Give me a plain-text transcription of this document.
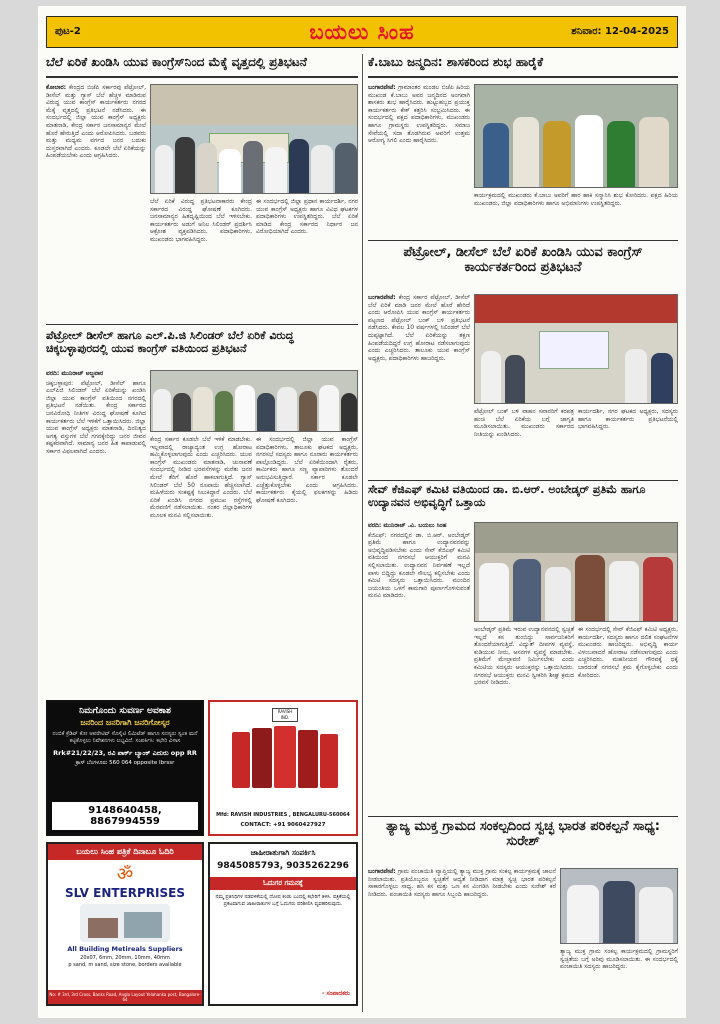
ಪುಟ-2	ಬಯಲು ಸಿಂಹ	ಶನಿವಾರ: 12-04-2025
ಬೆಲೆ ಏರಿಕೆ ಖಂಡಿಸಿ ಯುವ ಕಾಂಗ್ರೆಸ್‌ನಿಂದ ಮೆಕ್ಕೆ ವೃತ್ತದಲ್ಲಿ ಪ್ರತಿಭಟನೆ
ಕೋಲಾರ: ಕೇಂದ್ರದ ಬಿಜೆಪಿ ಸರ್ಕಾರವು ಪೆಟ್ರೋಲ್, ಡೀಸೆಲ್ ಮತ್ತು ಗ್ಯಾಸ್ ಬೆಲೆ ಹೆಚ್ಚಳ ಮಾಡಿರುವ ವಿರುದ್ಧ ಯುವ ಕಾಂಗ್ರೆಸ್ ಕಾರ್ಯಕರ್ತರು ನಗರದ ಮೆಕ್ಕೆ ವೃತ್ತದಲ್ಲಿ ಪ್ರತಿಭಟನೆ ನಡೆಸಿದರು. ಈ ಸಂದರ್ಭದಲ್ಲಿ ಜಿಲ್ಲಾ ಯುವ ಕಾಂಗ್ರೆಸ್ ಅಧ್ಯಕ್ಷರು ಮಾತನಾಡಿ, ಕೇಂದ್ರ ಸರ್ಕಾರ ಜನಸಾಮಾನ್ಯರ ಮೇಲೆ ಹೊರೆ ಹೇರುತ್ತಿದೆ ಎಂದು ಆರೋಪಿಸಿದರು. ಬಡವರು ಮತ್ತು ಮಧ್ಯಮ ವರ್ಗದ ಜನರ ಬದುಕು ದುಸ್ತರವಾಗಿದೆ ಎಂದರು. ಕೂಡಲೇ ಬೆಲೆ ಏರಿಕೆಯನ್ನು ಹಿಂಪಡೆಯಬೇಕು ಎಂದು ಆಗ್ರಹಿಸಿದರು.
ಬೆಲೆ ಏರಿಕೆ ವಿರುದ್ಧ ಪ್ರತಿಭಟನಾಕಾರರು ಕೇಂದ್ರ ಸರ್ಕಾರದ ವಿರುದ್ಧ ಘೋಷಣೆ ಕೂಗಿದರು. ಜನಸಾಮಾನ್ಯರ ಹಿತದೃಷ್ಟಿಯಿಂದ ಬೆಲೆ ಇಳಿಸಬೇಕು. ಕಾರ್ಯಕರ್ತರು ಅಡುಗೆ ಅನಿಲ ಸಿಲಿಂಡರ್ ಪ್ರದರ್ಶಿಸಿ ಆಕ್ರೋಶ ವ್ಯಕ್ತಪಡಿಸಿದರು. ಪದಾಧಿಕಾರಿಗಳು, ಮುಖಂಡರು ಭಾಗವಹಿಸಿದ್ದರು.
ಈ ಸಂದರ್ಭದಲ್ಲಿ ಜಿಲ್ಲಾ ಪ್ರಧಾನ ಕಾರ್ಯದರ್ಶಿ, ನಗರ ಯುವ ಕಾಂಗ್ರೆಸ್ ಅಧ್ಯಕ್ಷರು ಹಾಗೂ ವಿವಿಧ ಘಟಕಗಳ ಪದಾಧಿಕಾರಿಗಳು ಉಪಸ್ಥಿತರಿದ್ದರು. ಬೆಲೆ ಏರಿಕೆ ಮಾಡಿದ ಕೇಂದ್ರ ಸರ್ಕಾರದ ನಿರ್ಧಾರ ಜನ ವಿರೋಧಿಯಾಗಿದೆ ಎಂದರು.
ಪೆಟ್ರೋಲ್ ಡೀಸೆಲ್ ಹಾಗೂ ಎಲ್.ಪಿ.ಜಿ ಸಿಲಿಂಡರ್ ಬೆಲೆ ಏರಿಕೆ ವಿರುದ್ಧ ಚಿಕ್ಕಬಳ್ಳಾಪುರದಲ್ಲಿ ಯುವ ಕಾಂಗ್ರೆಸ್ ವತಿಯಿಂದ ಪ್ರತಿಭಟನೆ

ವರದಿ: ಮುನಿರಾಜ್ ಅಜ್ಜವಾರ

ಚಿಕ್ಕಬಳ್ಳಾಪುರ: ಪೆಟ್ರೋಲ್, ಡೀಸೆಲ್ ಹಾಗೂ ಎಲ್‌ಪಿಜಿ ಸಿಲಿಂಡರ್ ಬೆಲೆ ಏರಿಕೆಯನ್ನು ಖಂಡಿಸಿ ಜಿಲ್ಲಾ ಯುವ ಕಾಂಗ್ರೆಸ್ ವತಿಯಿಂದ ನಗರದಲ್ಲಿ ಪ್ರತಿಭಟನೆ ನಡೆಯಿತು. ಕೇಂದ್ರ ಸರ್ಕಾರದ ಜನವಿರೋಧಿ ನೀತಿಗಳ ವಿರುದ್ಧ ಘೋಷಣೆ ಕೂಗಿದ ಕಾರ್ಯಕರ್ತರು ಬೆಲೆ ಇಳಿಕೆಗೆ ಒತ್ತಾಯಿಸಿದರು. ಜಿಲ್ಲಾ ಯುವ ಕಾಂಗ್ರೆಸ್ ಅಧ್ಯಕ್ಷರು ಮಾತನಾಡಿ, ದಿನನಿತ್ಯದ ಅಗತ್ಯ ವಸ್ತುಗಳ ಬೆಲೆ ಗಗನಕ್ಕೇರಿದ್ದು ಜನರ ಜೀವನ ಕಷ್ಟಕರವಾಗಿದೆ. ಸಾಮಾನ್ಯ ಜನರ ಹಿತ ಕಾಪಾಡುವಲ್ಲಿ ಸರ್ಕಾರ ವಿಫಲವಾಗಿದೆ ಎಂದರು.
ಕೇಂದ್ರ ಸರ್ಕಾರ ಕೂಡಲೇ ಬೆಲೆ ಇಳಿಕೆ ಮಾಡಬೇಕು. ಇಲ್ಲವಾದಲ್ಲಿ ರಾಜ್ಯಾದ್ಯಂತ ಉಗ್ರ ಹೋರಾಟ ಹಮ್ಮಿಕೊಳ್ಳಲಾಗುವುದು ಎಂದು ಎಚ್ಚರಿಸಿದರು. ಯುವ ಕಾಂಗ್ರೆಸ್ ಮುಖಂಡರು ಮಾತನಾಡಿ, ಚುನಾವಣೆ ಸಂದರ್ಭದಲ್ಲಿ ನೀಡಿದ ಭರವಸೆಗಳನ್ನು ಮರೆತು ಜನರ ಮೇಲೆ ತೆರಿಗೆ ಹೊರೆ ಹಾಕಲಾಗುತ್ತಿದೆ. ಗ್ಯಾಸ್ ಸಿಲಿಂಡರ್ ಬೆಲೆ 50 ರೂಪಾಯಿ ಹೆಚ್ಚಿಸಲಾಗಿದೆ. ಮಹಿಳೆಯರು ಸಂಕಷ್ಟಕ್ಕೆ ಸಿಲುಕಿದ್ದಾರೆ ಎಂದರು. ಬೆಲೆ ಏರಿಕೆ ಖಂಡಿಸಿ ನಗರದ ಪ್ರಮುಖ ರಸ್ತೆಗಳಲ್ಲಿ ಮೆರವಣಿಗೆ ನಡೆಸಲಾಯಿತು. ನಂತರ ಜಿಲ್ಲಾಧಿಕಾರಿಗಳ ಮೂಲಕ ಮನವಿ ಸಲ್ಲಿಸಲಾಯಿತು.
ಈ ಸಂದರ್ಭದಲ್ಲಿ ಜಿಲ್ಲಾ ಯುವ ಕಾಂಗ್ರೆಸ್ ಪದಾಧಿಕಾರಿಗಳು, ತಾಲೂಕು ಘಟಕದ ಅಧ್ಯಕ್ಷರು, ನಗರಸಭೆ ಸದಸ್ಯರು ಹಾಗೂ ನೂರಾರು ಕಾರ್ಯಕರ್ತರು ಪಾಲ್ಗೊಂಡಿದ್ದರು. ಬೆಲೆ ಏರಿಕೆಯಿಂದಾಗಿ ರೈತರು, ಕಾರ್ಮಿಕರು ಹಾಗೂ ಸಣ್ಣ ವ್ಯಾಪಾರಿಗಳು ತೊಂದರೆ ಅನುಭವಿಸುತ್ತಿದ್ದಾರೆ. ಸರ್ಕಾರ ಕೂಡಲೇ ಎಚ್ಚೆತ್ತುಕೊಳ್ಳಬೇಕು ಎಂದು ಆಗ್ರಹಿಸಿದರು. ಕಾರ್ಯಕರ್ತರು ಕೈಯಲ್ಲಿ ಫಲಕಗಳನ್ನು ಹಿಡಿದು ಘೋಷಣೆ ಕೂಗಿದರು.
ನಿಮಗೊಂದು ಸುವರ್ಣ ಅವಕಾಶ
ಜನರಿಂದ ಜನರಿಗಾಗಿ ಜನರಿಗೋಸ್ಕರ
ನಂಬಿಕೆ ಕ್ರೆಡಿಟ್ ಕೋ ಆಪರೇಟಿವ್ ಸೊಸೈಟಿ ಲಿಮಿಟೆಡ್ ಹಾಗೂ ಸದಸ್ಯರು ಸ್ವಂತ ಮನೆ ಕಟ್ಟಿಕೊಳ್ಳಲು ನಿವೇಶನಗಳು ಲಭ್ಯವಿದೆ. ಸಂಪರ್ಕಿಸಿ: ಕಛೇರಿ ವಿಳಾಸ
Rrk#21/22/23, ರವಿ ಪಾರ್ಕ್ ಬ್ಯಾಂಕ್ ಎದುರು opp RR
ಕ್ರಾಸ್ ಬೆಂಗಳೂರು 560 064 opposite Ibrssr
9148640458, 8867994559
RAVISH
IND.
Mfd: RAVISH INDUSTRIES , BENGALURU-560064
CONTACT: +91 9060427927
ಬಯಲು ಸಿಂಹ ಪತ್ರಿಕೆ ದಿನಾಬೂ ಓದಿರಿ
ॐ
SLV ENTERPRISES
All Building Metireals Suppliers
20x07, 6mm, 20mm, 10mm, 40mm
p sand, m sand, size stone, borders available
No: # 3rd, 3rd Cross, Banks Road, Anglo Layout Yelahanka post, Bangalore-64
ಜಾಹೀರಾತುಗಾಗಿ ಸಂಪರ್ಕಿಸಿ
9845085793, 9035262296
ಓದುಗರ ಗಮನಕ್ಕೆ
ನಮ್ಮ ಪ್ರತಿನಿಧಿಗಳ ನಡವಳಿಕೆಯಲ್ಲಿ ದೋಷ ಕಂಡು ಬಂದಲ್ಲಿ ಕಛೇರಿಗೆ ತಿಳಿಸಿ. ಪತ್ರಿಕೆಯಲ್ಲಿ ಪ್ರಕಟವಾಗುವ ಜಾಹೀರಾತುಗಳ ಬಗ್ಗೆ ಓದುಗರು ಪರಿಶೀಲಿಸಿ ವ್ಯವಹರಿಸುವುದು.
- ಸಂಪಾದಕರು
ಕೆ.ಬಾಬು ಜನ್ಮದಿನ: ಶಾಸಕರಿಂದ ಶುಭ ಹಾರೈಕೆ
ಬಂಗಾರಪೇಟೆ: ಗ್ರಾಮಾಂತರ ಮಂಡಲ ಬಿಜೆಪಿ ಹಿರಿಯ ಮುಖಂಡ ಕೆ.ಬಾಬು ಅವರ ಜನ್ಮದಿನದ ಅಂಗವಾಗಿ ಶಾಸಕರು ಶುಭ ಹಾರೈಸಿದರು. ಹುಟ್ಟುಹಬ್ಬದ ಪ್ರಯುಕ್ತ ಕಾರ್ಯಕರ್ತರು ಕೇಕ್ ಕತ್ತರಿಸಿ ಸಂಭ್ರಮಿಸಿದರು. ಈ ಸಂದರ್ಭದಲ್ಲಿ ಪಕ್ಷದ ಪದಾಧಿಕಾರಿಗಳು, ಮುಖಂಡರು ಹಾಗೂ ಗ್ರಾಮಸ್ಥರು ಉಪಸ್ಥಿತರಿದ್ದರು. ಸಮಾಜ ಸೇವೆಯಲ್ಲಿ ಸದಾ ತೊಡಗಿರುವ ಅವರಿಗೆ ಉತ್ತಮ ಆರೋಗ್ಯ ಸಿಗಲಿ ಎಂದು ಹಾರೈಸಿದರು.
ಕಾರ್ಯಕ್ರಮದಲ್ಲಿ ಮುಖಂಡರು ಕೆ.ಬಾಬು ಅವರಿಗೆ ಹಾರ ಹಾಕಿ ಸನ್ಮಾನಿಸಿ ಶುಭ ಕೋರಿದರು. ಪಕ್ಷದ ಹಿರಿಯ ಮುಖಂಡರು, ಜಿಲ್ಲಾ ಪದಾಧಿಕಾರಿಗಳು ಹಾಗೂ ಅಭಿಮಾನಿಗಳು ಉಪಸ್ಥಿತರಿದ್ದರು.
ಪೆಟ್ರೋಲ್, ಡೀಸೆಲ್ ಬೆಲೆ ಏರಿಕೆ ಖಂಡಿಸಿ ಯುವ ಕಾಂಗ್ರೆಸ್ ಕಾರ್ಯಕರ್ತರಿಂದ ಪ್ರತಿಭಟನೆ
ಬಂಗಾರಪೇಟೆ: ಕೇಂದ್ರ ಸರ್ಕಾರ ಪೆಟ್ರೋಲ್, ಡೀಸೆಲ್ ಬೆಲೆ ಏರಿಕೆ ಮಾಡಿ ಜನರ ಮೇಲೆ ಹೊರೆ ಹೇರಿದೆ ಎಂದು ಆರೋಪಿಸಿ ಯುವ ಕಾಂಗ್ರೆಸ್ ಕಾರ್ಯಕರ್ತರು ಪಟ್ಟಣದ ಪೆಟ್ರೋಲ್ ಬಂಕ್ ಬಳಿ ಪ್ರತಿಭಟನೆ ನಡೆಸಿದರು. ಕೇವಲ 10 ವರ್ಷಗಳಲ್ಲಿ ಸಿಲಿಂಡರ್ ಬೆಲೆ ದುಪ್ಪಟ್ಟಾಗಿದೆ. ಬೆಲೆ ಏರಿಕೆಯನ್ನು ತಕ್ಷಣ ಹಿಂಪಡೆಯದಿದ್ದರೆ ಉಗ್ರ ಹೋರಾಟ ನಡೆಸಲಾಗುವುದು ಎಂದು ಎಚ್ಚರಿಸಿದರು. ತಾಲೂಕು ಯುವ ಕಾಂಗ್ರೆಸ್ ಅಧ್ಯಕ್ಷರು, ಪದಾಧಿಕಾರಿಗಳು ಹಾಜರಿದ್ದರು.
ಪೆಟ್ರೋಲ್ ಬಂಕ್ ಬಳಿ ವಾಹನ ಸವಾರರಿಗೆ ಕರಪತ್ರ ಹಂಚಿ ಬೆಲೆ ಏರಿಕೆಯ ಬಗ್ಗೆ ಜಾಗೃತಿ ಮೂಡಿಸಲಾಯಿತು. ಮುಖಂಡರು ಸರ್ಕಾರದ ನೀತಿಯನ್ನು ಖಂಡಿಸಿದರು.
ಕಾರ್ಯದರ್ಶಿ, ನಗರ ಘಟಕದ ಅಧ್ಯಕ್ಷರು, ಸದಸ್ಯರು ಹಾಗೂ ಕಾರ್ಯಕರ್ತರು ಪ್ರತಿಭಟನೆಯಲ್ಲಿ ಭಾಗವಹಿಸಿದ್ದರು.
ಸೇವ್ ಕೆಜಿಎಫ್ ಕಮಿಟಿ ವತಿಯಿಂದ ಡಾ. ಬಿ.ಆರ್. ಅಂಬೇಡ್ಕರ್ ಪ್ರತಿಮೆ ಹಾಗೂ ಉದ್ಯಾನವನ ಅಭಿವೃದ್ಧಿಗೆ ಒತ್ತಾಯ

ವರದಿ: ಮುನಿರಾಜ್ .ವಿ. ಬಯಲು ಸಿಂಹ

ಕೆಜಿಎಫ್: ನಗರದಲ್ಲಿನ ಡಾ. ಬಿ.ಆರ್. ಅಂಬೇಡ್ಕರ್ ಪ್ರತಿಮೆ ಹಾಗೂ ಉದ್ಯಾನವನವನ್ನು ಅಭಿವೃದ್ಧಿಪಡಿಸಬೇಕು ಎಂದು ಸೇವ್ ಕೆಜಿಎಫ್ ಕಮಿಟಿ ವತಿಯಿಂದ ನಗರಸಭೆ ಆಯುಕ್ತರಿಗೆ ಮನವಿ ಸಲ್ಲಿಸಲಾಯಿತು. ಉದ್ಯಾನವನ ನಿರ್ವಹಣೆ ಇಲ್ಲದೆ ಪಾಳು ಬಿದ್ದಿದ್ದು ಕೂಡಲೇ ಸೌಲಭ್ಯ ಕಲ್ಪಿಸಬೇಕು ಎಂದು ಕಮಿಟಿ ಸದಸ್ಯರು ಒತ್ತಾಯಿಸಿದರು. ಮುಂದಿನ ಜಯಂತಿಯ ಒಳಗೆ ಕಾಮಗಾರಿ ಪೂರ್ಣಗೊಳಿಸುವಂತೆ ಮನವಿ ಮಾಡಿದರು.
ಅಂಬೇಡ್ಕರ್ ಪ್ರತಿಮೆ ಇರುವ ಉದ್ಯಾನವನದಲ್ಲಿ ಸ್ವಚ್ಛತೆ ಇಲ್ಲದೆ ಕಸ ತುಂಬಿದ್ದು ಸಾರ್ವಜನಿಕರಿಗೆ ತೊಂದರೆಯಾಗುತ್ತಿದೆ. ವಿದ್ಯುತ್ ದೀಪಗಳ ವ್ಯವಸ್ಥೆ, ಕುಡಿಯುವ ನೀರು, ಆಸನಗಳ ವ್ಯವಸ್ಥೆ ಮಾಡಬೇಕು. ಪ್ರತಿಮೆಗೆ ಮೇಲ್ಛಾವಣಿ ನಿರ್ಮಿಸಬೇಕು ಎಂದು ಕಮಿಟಿಯ ಸದಸ್ಯರು ಆಯುಕ್ತರನ್ನು ಒತ್ತಾಯಿಸಿದರು. ನಗರಸಭೆ ಆಯುಕ್ತರು ಮನವಿ ಸ್ವೀಕರಿಸಿ ಶೀಘ್ರ ಕ್ರಮದ ಭರವಸೆ ನೀಡಿದರು.
ಈ ಸಂದರ್ಭದಲ್ಲಿ ಸೇವ್ ಕೆಜಿಎಫ್ ಕಮಿಟಿ ಅಧ್ಯಕ್ಷರು, ಕಾರ್ಯದರ್ಶಿ, ಸದಸ್ಯರು ಹಾಗೂ ದಲಿತ ಸಂಘಟನೆಗಳ ಮುಖಂಡರು ಹಾಜರಿದ್ದರು. ಅಭಿವೃದ್ಧಿ ಕಾರ್ಯ ವಿಳಂಬವಾದರೆ ಹೋರಾಟ ನಡೆಸಲಾಗುವುದು ಎಂದು ಎಚ್ಚರಿಸಿದರು. ಮಹನೀಯರ ಗೌರವಕ್ಕೆ ಧಕ್ಕೆ ಬಾರದಂತೆ ನಗರಸಭೆ ಕ್ರಮ ಕೈಗೊಳ್ಳಬೇಕು ಎಂದು ಕೋರಿದರು.
ತ್ಯಾಜ್ಯ ಮುಕ್ತ ಗ್ರಾಮದ ಸಂಕಲ್ಪದಿಂದ ಸ್ವಚ್ಛ ಭಾರತ ಪರಿಕಲ್ಪನೆ ಸಾಧ್ಯ: ಸುರೇಶ್
ಬಂಗಾರಪೇಟೆ: ಗ್ರಾಮ ಪಂಚಾಯಿತಿ ವ್ಯಾಪ್ತಿಯಲ್ಲಿ ತ್ಯಾಜ್ಯ ಮುಕ್ತ ಗ್ರಾಮ ಸಂಕಲ್ಪ ಕಾರ್ಯಕ್ರಮಕ್ಕೆ ಚಾಲನೆ ನೀಡಲಾಯಿತು. ಪ್ರತಿಯೊಬ್ಬರೂ ಸ್ವಚ್ಛತೆಗೆ ಆದ್ಯತೆ ನೀಡಿದಾಗ ಮಾತ್ರ ಸ್ವಚ್ಛ ಭಾರತ ಪರಿಕಲ್ಪನೆ ಸಾಕಾರಗೊಳ್ಳಲು ಸಾಧ್ಯ. ಹಸಿ ಕಸ ಮತ್ತು ಒಣ ಕಸ ವಿಂಗಡಿಸಿ ನೀಡಬೇಕು ಎಂದು ಸುರೇಶ್ ಕರೆ ನೀಡಿದರು. ಪಂಚಾಯಿತಿ ಸದಸ್ಯರು ಹಾಗೂ ಸಿಬ್ಬಂದಿ ಹಾಜರಿದ್ದರು.
ತ್ಯಾಜ್ಯ ಮುಕ್ತ ಗ್ರಾಮ ಸಂಕಲ್ಪ ಕಾರ್ಯಕ್ರಮದಲ್ಲಿ ಗ್ರಾಮಸ್ಥರಿಗೆ ಸ್ವಚ್ಛತೆಯ ಬಗ್ಗೆ ಅರಿವು ಮೂಡಿಸಲಾಯಿತು. ಈ ಸಂದರ್ಭದಲ್ಲಿ ಪಂಚಾಯಿತಿ ಸದಸ್ಯರು ಹಾಜರಿದ್ದರು.
